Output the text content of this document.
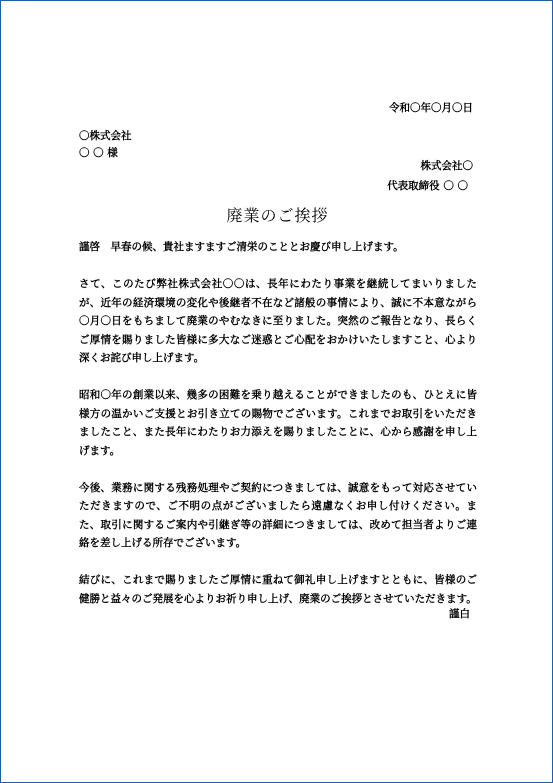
令和〇年〇月〇日
〇株式会社
〇 〇 様
株式会社〇
代表取締役 〇 〇
廃業のご挨拶

謹啓　早春の候、貴社ますますご清栄のこととお慶び申し上げます。

さて、このたび弊社株式会社〇〇は、長年にわたり事業を継続してまいりましたが、近年の経済環境の変化や後継者不在など諸般の事情により、誠に不本意ながら〇月〇日をもちまして廃業のやむなきに至りました。突然のご報告となり、長らくご厚情を賜りました皆様に多大なご迷惑とご心配をおかけいたしますこと、心より深くお詫び申し上げます。

昭和〇年の創業以来、幾多の困難を乗り越えることができましたのも、ひとえに皆様方の温かいご支援とお引き立ての賜物でございます。これまでお取引をいただきましたこと、また長年にわたりお力添えを賜りましたことに、心から感謝を申し上げます。

今後、業務に関する残務処理やご契約につきましては、誠意をもって対応させていただきますので、ご不明の点がございましたら遠慮なくお申し付けください。また、取引に関するご案内や引継ぎ等の詳細につきましては、改めて担当者よりご連絡を差し上げる所存でございます。

結びに、これまで賜りましたご厚情に重ねて御礼申し上げますとともに、皆様のご健勝と益々のご発展を心よりお祈り申し上げ、廃業のご挨拶とさせていただきます。

謹白
